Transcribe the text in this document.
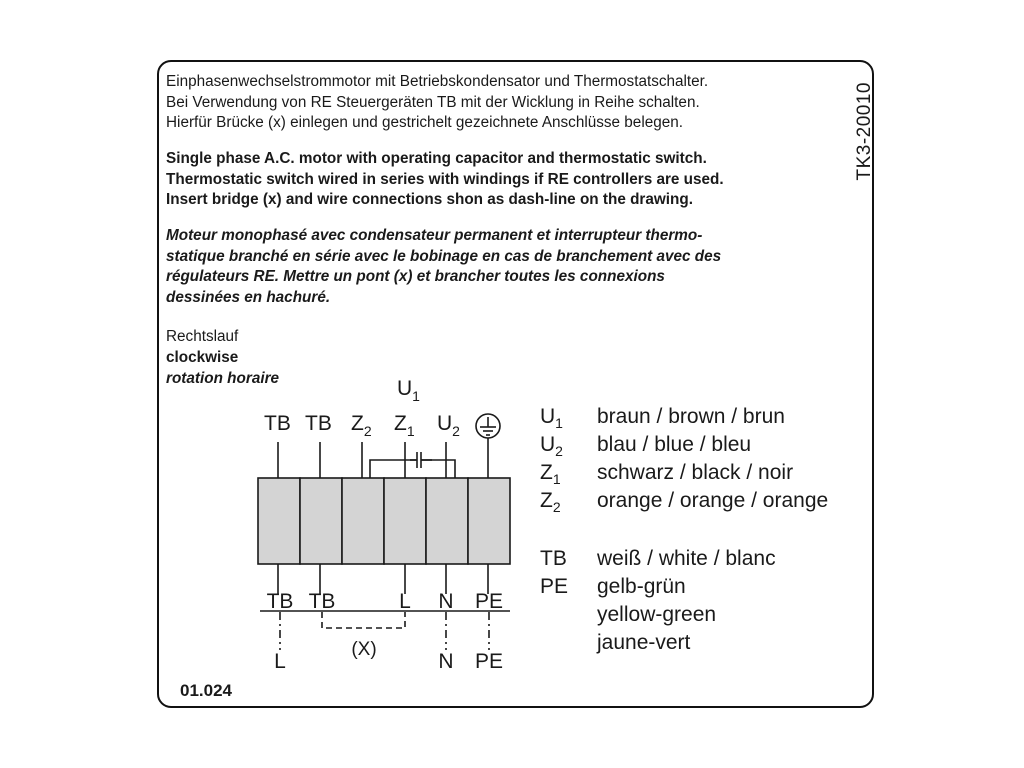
TK3-20010

Einphasenwechselstrommotor mit Betriebskondensator und Thermostatschalter.
Bei Verwendung von RE Steuergeräten TB mit der Wicklung in Reihe schalten.
Hierfür Brücke (x) einlegen und gestrichelt gezeichnete Anschlüsse belegen.

Single phase A.C. motor with operating capacitor and thermostatic switch.
Thermostatic switch wired in series with windings if RE controllers are used.
Insert bridge (x) and wire connections shon as dash-line on the drawing.

Moteur monophasé avec condensateur permanent et interrupteur thermo-
statique branché en série avec le bobinage en cas de branchement avec des
régulateurs RE. Mettre un pont (x) et brancher toutes les connexions
dessinées en hachuré.

Rechtslauf
clockwise
rotation horaire	$U_1$
TB TB $Z_2$ $Z_1$ $U_2$
TB TB	L N PE
L	N PE
(X)
$U_1$ braun / brown / brun
$U_2$ blau / blue / bleu
$Z_1$ schwarz / black / noir
$Z_2$ orange / orange / orange
TB weiß / white / blanc
PE gelb-grün
yellow-green
jaune-vert
01.024
